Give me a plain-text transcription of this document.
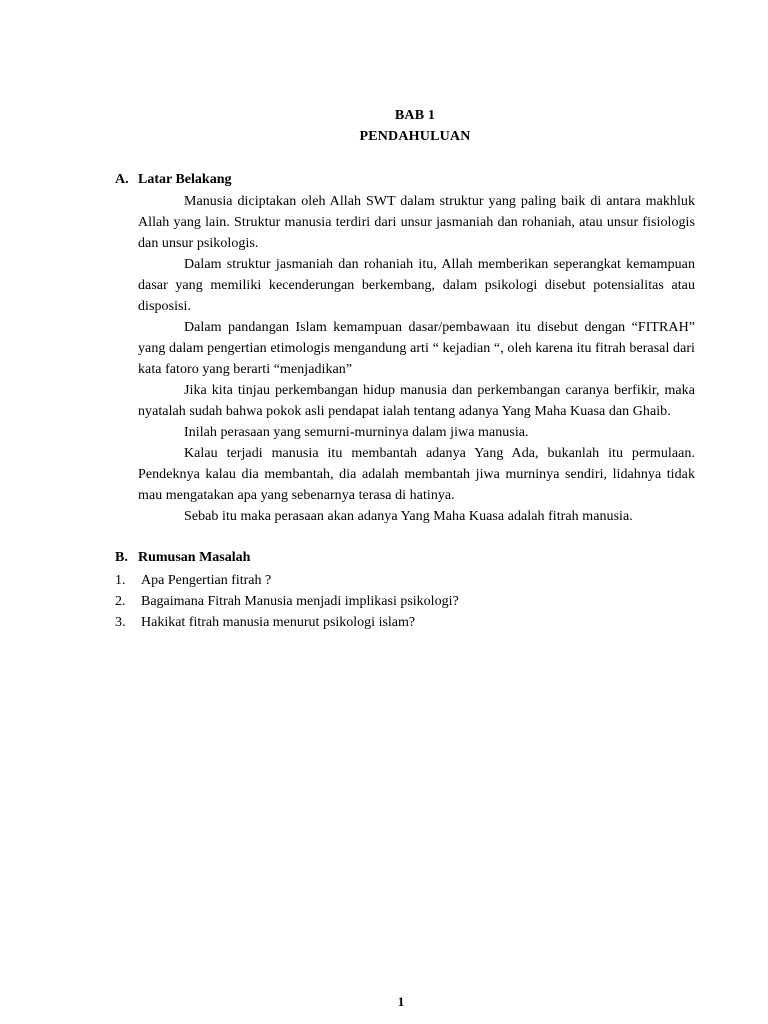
BAB 1
PENDAHULUAN
A. Latar Belakang

Manusia diciptakan oleh Allah SWT dalam struktur yang paling baik di antara makhluk Allah yang lain. Struktur manusia terdiri dari unsur jasmaniah dan rohaniah, atau unsur fisiologis dan unsur psikologis.

Dalam struktur jasmaniah dan rohaniah itu, Allah memberikan seperangkat kemampuan dasar yang memiliki kecenderungan berkembang, dalam psikologi disebut potensialitas atau disposisi.

Dalam pandangan Islam kemampuan dasar/pembawaan itu disebut dengan “FITRAH” yang dalam pengertian etimologis mengandung arti “ kejadian “, oleh karena itu fitrah berasal dari kata fatoro yang berarti “menjadikan”

Jika kita tinjau perkembangan hidup manusia dan perkembangan caranya berfikir, maka nyatalah sudah bahwa pokok asli pendapat ialah tentang adanya Yang Maha Kuasa dan Ghaib.

Inilah perasaan yang semurni-murninya dalam jiwa manusia.

Kalau terjadi manusia itu membantah adanya Yang Ada, bukanlah itu permulaan. Pendeknya kalau dia membantah, dia adalah membantah jiwa murninya sendiri, lidahnya tidak mau mengatakan apa yang sebenarnya terasa di hatinya.

Sebab itu maka perasaan akan adanya Yang Maha Kuasa adalah fitrah manusia.

B. Rumusan Masalah
1.	Apa Pengertian fitrah ?
2.	Bagaimana Fitrah Manusia menjadi implikasi psikologi?
3.	Hakikat fitrah manusia menurut psikologi islam?
1
